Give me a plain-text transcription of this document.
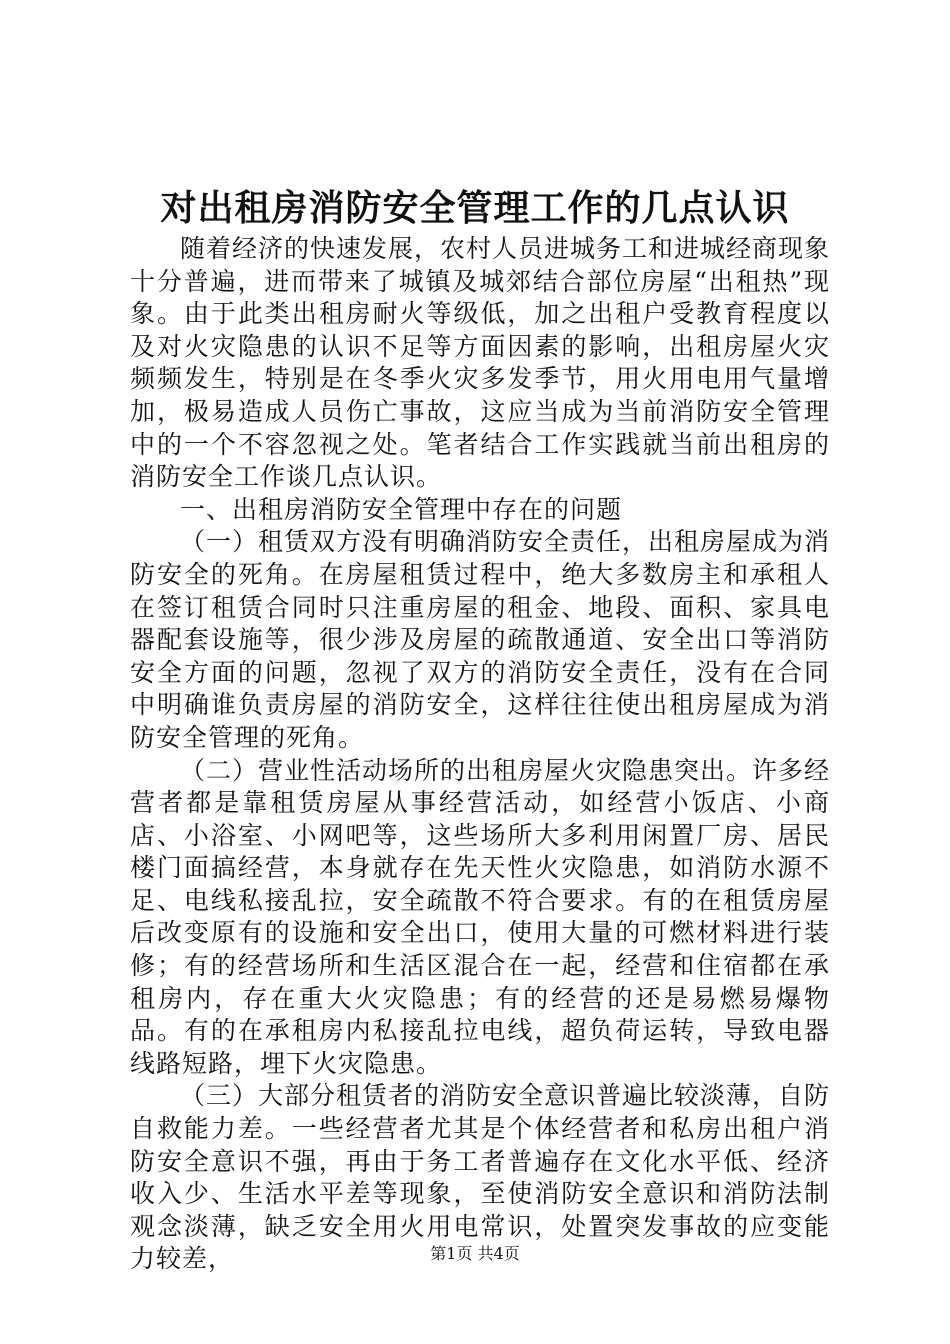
对出租房消防安全管理工作的几点认识

随着经济的快速发展，农村人员进城务工和进城经商现象十分普遍，进而带来了城镇及城郊结合部位房屋“出租热”现象。由于此类出租房耐火等级低，加之出租户受教育程度以及对火灾隐患的认识不足等方面因素的影响，出租房屋火灾频频发生，特别是在冬季火灾多发季节，用火用电用气量增加，极易造成人员伤亡事故，这应当成为当前消防安全管理中的一个不容忽视之处。笔者结合工作实践就当前出租房的消防安全工作谈几点认识。

一、出租房消防安全管理中存在的问题

（一）租赁双方没有明确消防安全责任，出租房屋成为消防安全的死角。在房屋租赁过程中，绝大多数房主和承租人在签订租赁合同时只注重房屋的租金、地段、面积、家具电器配套设施等，很少涉及房屋的疏散通道、安全出口等消防安全方面的问题，忽视了双方的消防安全责任，没有在合同中明确谁负责房屋的消防安全，这样往往使出租房屋成为消防安全管理的死角。

（二）营业性活动场所的出租房屋火灾隐患突出。许多经营者都是靠租赁房屋从事经营活动，如经营小饭店、小商店、小浴室、小网吧等，这些场所大多利用闲置厂房、居民楼门面搞经营，本身就存在先天性火灾隐患，如消防水源不足、电线私接乱拉，安全疏散不符合要求。有的在租赁房屋后改变原有的设施和安全出口，使用大量的可燃材料进行装修；有的经营场所和生活区混合在一起，经营和住宿都在承租房内，存在重大火灾隐患；有的经营的还是易燃易爆物品。有的在承租房内私接乱拉电线，超负荷运转，导致电器线路短路，埋下火灾隐患。

（三）大部分租赁者的消防安全意识普遍比较淡薄，自防自救能力差。一些经营者尤其是个体经营者和私房出租户消防安全意识不强，再由于务工者普遍存在文化水平低、经济收入少、生活水平差等现象，至使消防安全意识和消防法制观念淡薄，缺乏安全用火用电常识，处置突发事故的应变能力较差，	第1页 共4页
